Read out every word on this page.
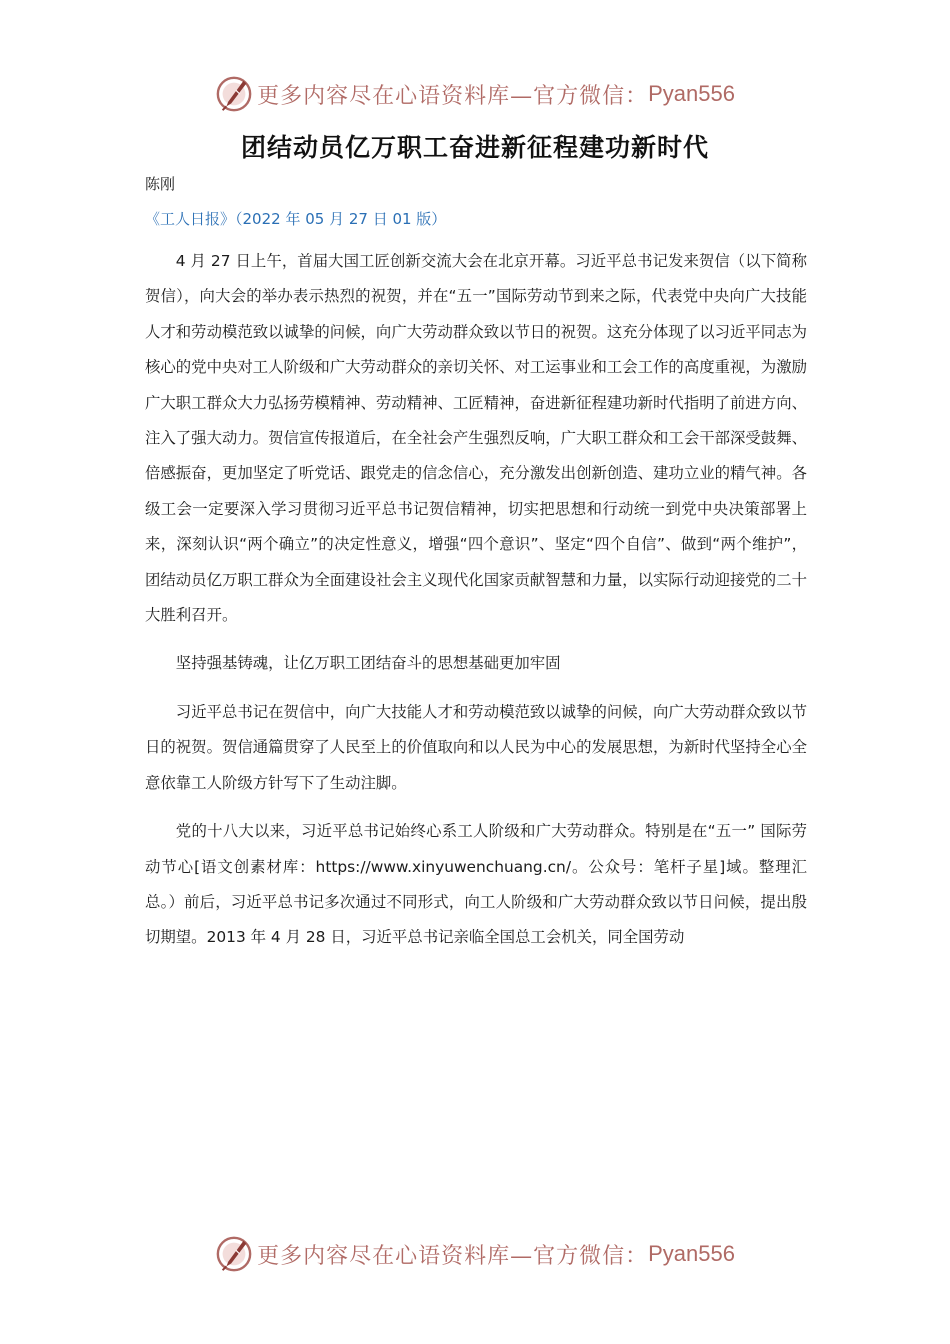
更多内容尽在心语资料库—官方微信： Pyan556
团结动员亿万职工奋进新征程建功新时代
陈刚
《工人日报》（2022 年 05 月 27 日 01 版）

4 月 27 日上午，首届大国工匠创新交流大会在北京开幕。习近平总书记发来贺信（以下简称贺信），向大会的举办表示热烈的祝贺，并在“五一”国际劳动节到来之际，代表党中央向广大技能人才和劳动模范致以诚挚的问候，向广大劳动群众致以节日的祝贺。这充分体现了以习近平同志为核心的党中央对工人阶级和广大劳动群众的亲切关怀、对工运事业和工会工作的高度重视，为激励广大职工群众大力弘扬劳模精神、劳动精神、工匠精神，奋进新征程建功新时代指明了前进方向、注入了强大动力。贺信宣传报道后，在全社会产生强烈反响，广大职工群众和工会干部深受鼓舞、倍感振奋，更加坚定了听党话、跟党走的信念信心，充分激发出创新创造、建功立业的精气神。各级工会一定要深入学习贯彻习近平总书记贺信精神，切实把思想和行动统一到党中央决策部署上来，深刻认识“两个确立”的决定性意义，增强“四个意识”、坚定“四个自信”、做到“两个维护”，团结动员亿万职工群众为全面建设社会主义现代化国家贡献智慧和力量，以实际行动迎接党的二十大胜利召开。

坚持强基铸魂，让亿万职工团结奋斗的思想基础更加牢固

习近平总书记在贺信中，向广大技能人才和劳动模范致以诚挚的问候，向广大劳动群众致以节日的祝贺。贺信通篇贯穿了人民至上的价值取向和以人民为中心的发展思想，为新时代坚持全心全意依靠工人阶级方针写下了生动注脚。

党的十八大以来，习近平总书记始终心系工人阶级和广大劳动群众。特别是在“五一” 国际劳动节心[语文创素材库：https://www.xinyuwenchuang.cn/。公众号：笔杆子星]域。整理汇总。）前后，习近平总书记多次通过不同形式，向工人阶级和广大劳动群众致以节日问候，提出殷切期望。2013 年 4 月 28 日，习近平总书记亲临全国总工会机关，同全国劳动

更多内容尽在心语资料库—官方微信： Pyan556
